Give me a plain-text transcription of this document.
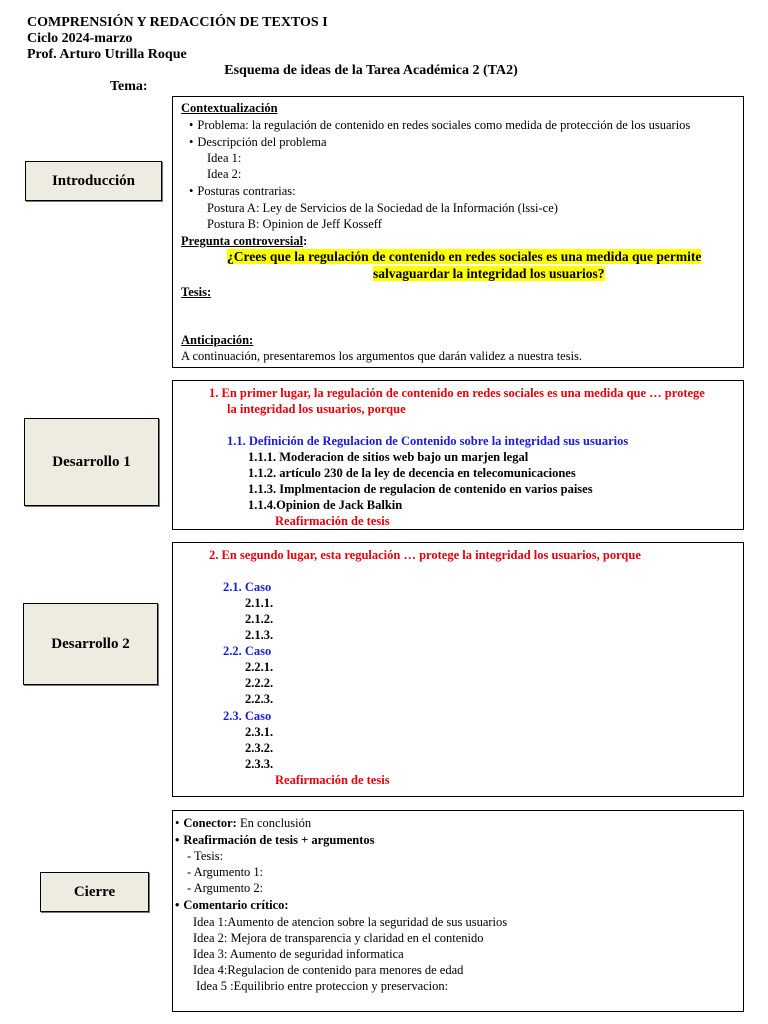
COMPRENSIÓN Y REDACCIÓN DE TEXTOS I
Ciclo 2024-marzo
Prof. Arturo Utrilla Roque
Esquema de ideas de la Tarea Académica 2 (TA2)
Tema:
Introducción
Contextualización
• Problema: la regulación de contenido en redes sociales como medida de protección de los usuarios
• Descripción del problema
Idea 1:
Idea 2:
• Posturas contrarias:
Postura A: Ley de Servicios de la Sociedad de la Información (lssi-ce)
Postura B: Opinion de Jeff Kosseff
Pregunta controversial:
¿Crees que la regulación de contenido en redes sociales es una medida que permite
salvaguardar la integridad los usuarios?
Tesis:
Anticipación:
A continuación, presentaremos los argumentos que darán validez a nuestra tesis.
Desarrollo 1
1. En primer lugar, la regulación de contenido en redes sociales es una medida que … protege
la integridad los usuarios, porque
1.1. Definición de Regulacion de Contenido sobre la integridad sus usuarios
1.1.1. Moderacion de sitios web bajo un marjen legal
1.1.2. artículo 230 de la ley de decencia en telecomunicaciones
1.1.3. Implmentacion de regulacion de contenido en varios paises
1.1.4.Opinion de Jack Balkin
Reafirmación de tesis
Desarrollo 2
2. En segundo lugar, esta regulación … protege la integridad los usuarios, porque
2.1. Caso
2.1.1.
2.1.2.
2.1.3.
2.2. Caso
2.2.1.
2.2.2.
2.2.3.
2.3. Caso
2.3.1.
2.3.2.
2.3.3.
Reafirmación de tesis
Cierre
• Conector: En conclusión
• Reafirmación de tesis + argumentos
- Tesis:
- Argumento 1:
- Argumento 2:
• Comentario crítico:
Idea 1:Aumento de atencion sobre la seguridad de sus usuarios
Idea 2: Mejora de transparencia y claridad en el contenido
Idea 3: Aumento de seguridad informatica
Idea 4:Regulacion de contenido para menores de edad
Idea 5 :Equilibrio entre proteccion y preservacion:
